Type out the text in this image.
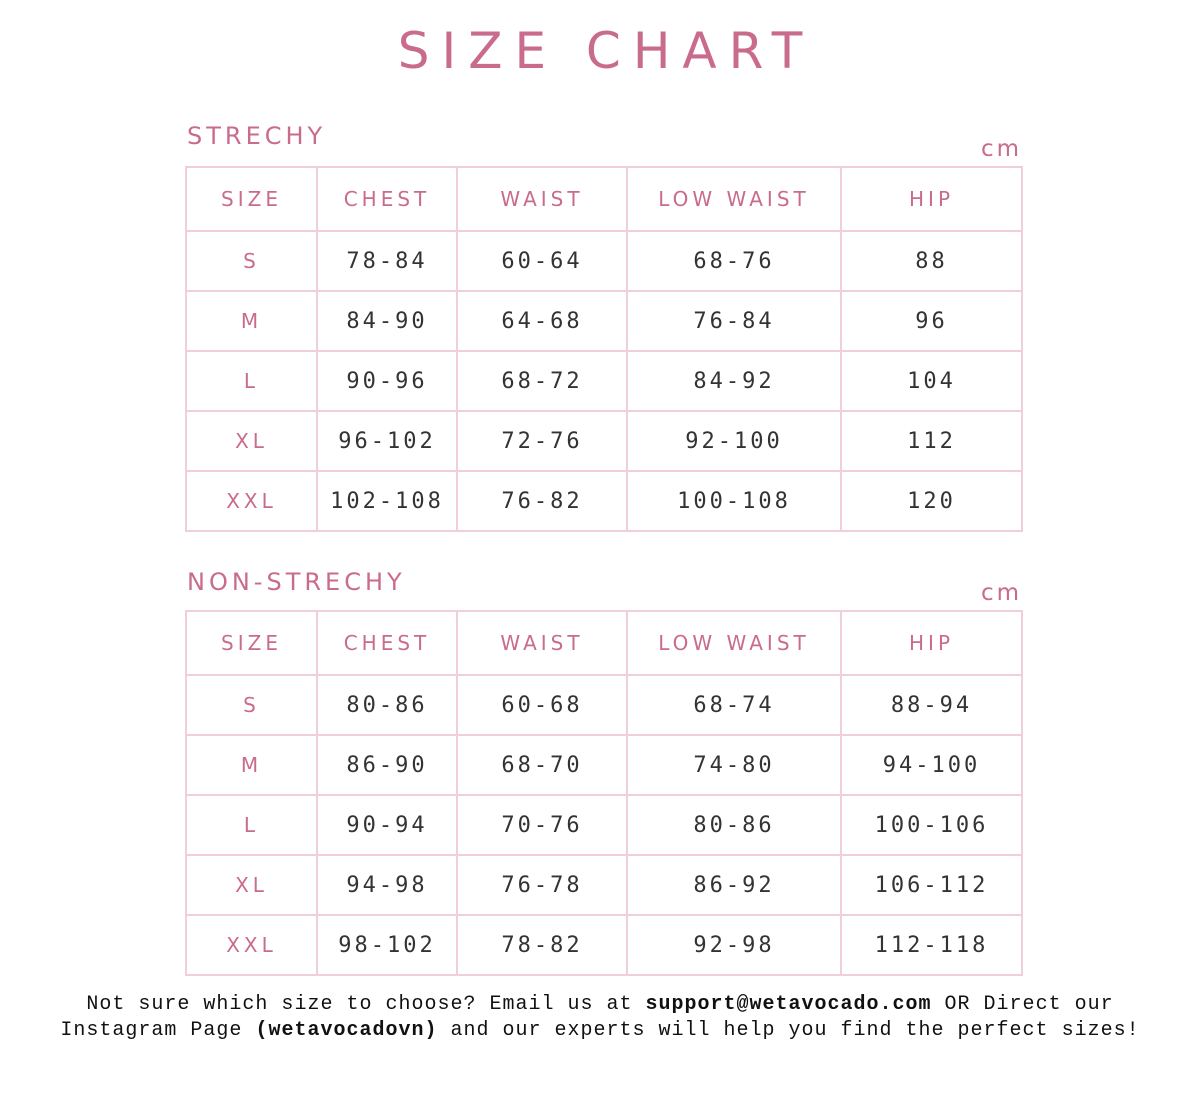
SIZE CHART
STRECHY	cm
SIZE	CHEST	WAIST	LOW WAIST	HIP
S	78-84	60-64	68-76	88
M	84-90	64-68	76-84	96
L	90-96	68-72	84-92	104
XL	96-102	72-76	92-100	112
XXL	102-108	76-82	100-108	120
NON-STRECHY	cm
SIZE	CHEST	WAIST	LOW WAIST	HIP
S	80-86	60-68	68-74	88-94
M	86-90	68-70	74-80	94-100
L	90-94	70-76	80-86	100-106
XL	94-98	76-78	86-92	106-112
XXL	98-102	78-82	92-98	112-118
Not sure which size to choose? Email us at support@wetavocado.com OR Direct our Instagram Page (wetavocadovn) and our experts will help you find the perfect sizes!
